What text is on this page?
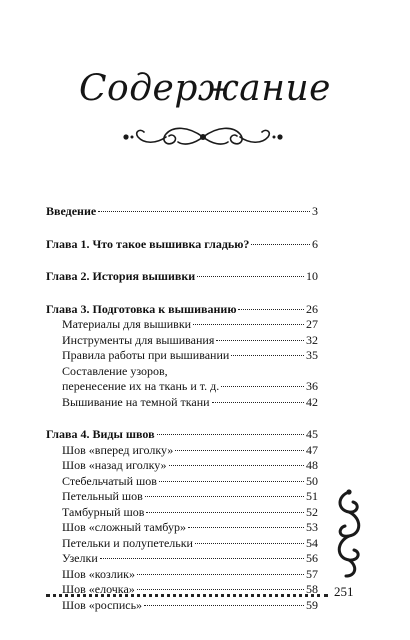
Содержание
Введение	3
Глава 1. Что такое вышивка гладью?	6
Глава 2. История вышивки	10
Глава 3. Подготовка к вышиванию	26
Материалы для вышивки	27
Инструменты для вышивания	32
Правила работы при вышивании	35
Составление узоров,
перенесение их на ткань и т. д.	36
Вышивание на темной ткани	42
Глава 4. Виды швов	45
Шов «вперед иголку»	47
Шов «назад иголку»	48
Стебельчатый шов	50
Петельный шов	51
Тамбурный шов	52
Шов «сложный тамбур»	53
Петельки и полупетельки	54
Узелки	56
Шов «козлик»	57
Шов «елочка»	58
Шов «роспись»	59
251
